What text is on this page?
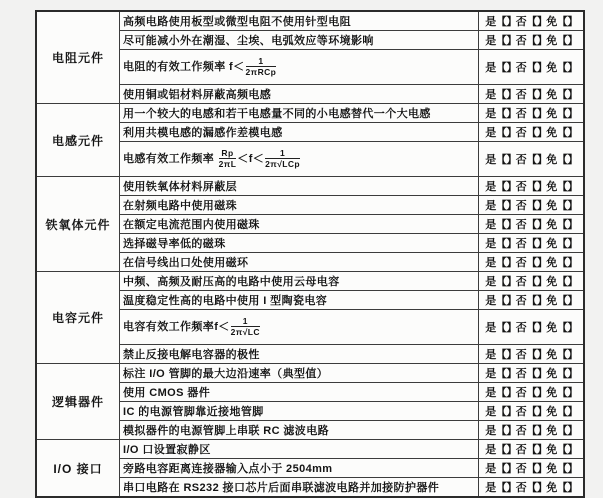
电阻元件	高频电路使用板型或微型电阻不使用针型电阻	是【】否【】免【】
	尽可能减小外在潮湿、尘埃、电弧效应等环境影响	是【】否【】免【】
	电阻的有效工作频率 $f< \frac{1}{\text{2πRCp}}$	是【】否【】免【】
	使用铜或铝材料屏蔽高频电感	是【】否【】免【】
电感元件	用一个较大的电感和若干电感量不同的小电感替代一个大电感	是【】否【】免【】
	利用共模电感的漏感作差模电感	是【】否【】免【】
电感有效工作频率 $\frac{Rp}{2\pi L} <f< \frac{1}{\text{2π√LCp}}$	是【】否【】免【】
铁氧体元件	使用铁氧体材料屏蔽层	是【】否【】免【】
	在射频电路中使用磁珠	是【】否【】免【】
	在额定电流范围内使用磁珠	是【】否【】免【】
	选择磁导率低的磁珠	是【】否【】免【】
	在信号线出口处使用磁环	是【】否【】免【】
电容元件	中频、高频及耐压高的电路中使用云母电容	是【】否【】免【】
	温度稳定性高的电路中使用 I 型陶瓷电容	是【】否【】免【】
	电容有效工作频率$f< \frac{1}{2\pi√LC}$	是【】否【】免【】
	禁止反接电解电容器的极性	是【】否【】免【】
逻辑器件	标注 I/O 管脚的最大边沿速率（典型值）	是【】否【】免【】
	使用 CMOS 器件	是【】否【】免【】
	IC 的电源管脚靠近接地管脚	是【】否【】免【】
	模拟器件的电源管脚上串联 RC 滤波电路	是【】否【】免【】
I/O 接口	I/O 口设置寂静区	是【】否【】免【】
	旁路电容距离连接器输入点小于 2504mm	是【】否【】免【】
	串口电路在 RS232 接口芯片后面串联滤波电路并加接防护器件	是【】否【】免【】
